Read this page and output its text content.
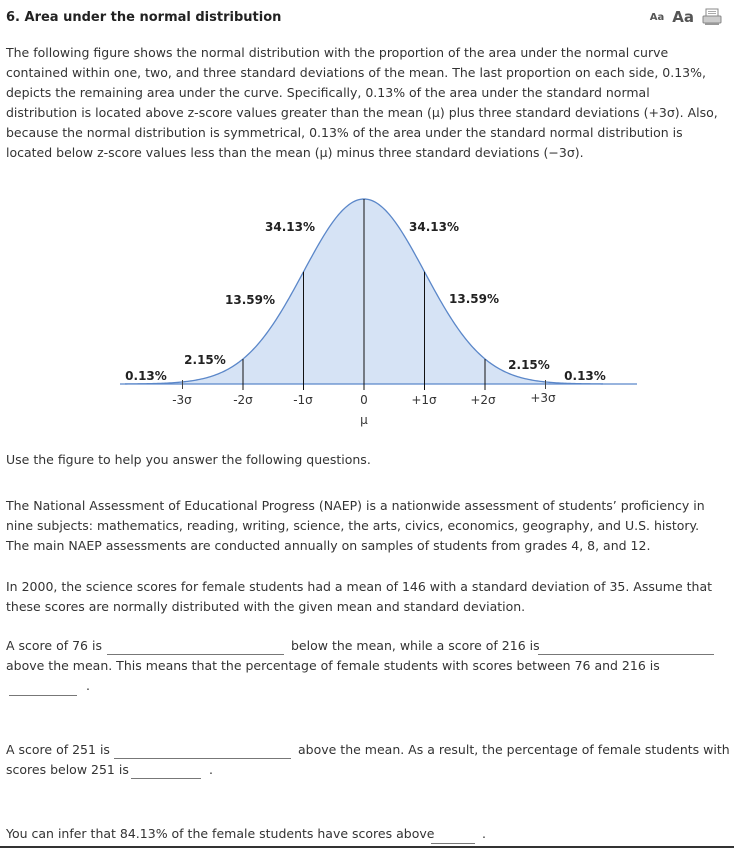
6. Area under the normal distribution	Aa Aa
The following figure shows the normal distribution with the proportion of the area under the normal curve contained within one, two, and three standard deviations of the mean. The last proportion on each side, 0.13%, depicts the remaining area under the curve. Specifically, 0.13% of the area under the standard normal distribution is located above z-score values greater than the mean (μ) plus three standard deviations (+3σ). Also, because the normal distribution is symmetrical, 0.13% of the area under the standard normal distribution is located below z-score values less than the mean (μ) minus three standard deviations (−3σ).
0.13%	0.13%
2.15%	2.15%
13.59%	13.59%
34.13%	34.13%
-3σ	-2σ	-1σ	0	+1σ	+2σ	+3σ
μ
Use the figure to help you answer the following questions.
The National Assessment of Educational Progress (NAEP) is a nationwide assessment of students’ proficiency in nine subjects: mathematics, reading, writing, science, the arts, civics, economics, geography, and U.S. history. The main NAEP assessments are conducted annually on samples of students from grades 4, 8, and 12.
In 2000, the science scores for female students had a mean of 146 with a standard deviation of 35. Assume that these scores are normally distributed with the given mean and standard deviation.
A score of 76 is	below the mean, while a score of 216 is
above the mean. This means that the percentage of female students with scores between 76 and 216 is
.
A score of 251 is	above the mean. As a result, the percentage of female students with
scores below 251 is	.
You can infer that 84.13% of the female students have scores above	.
